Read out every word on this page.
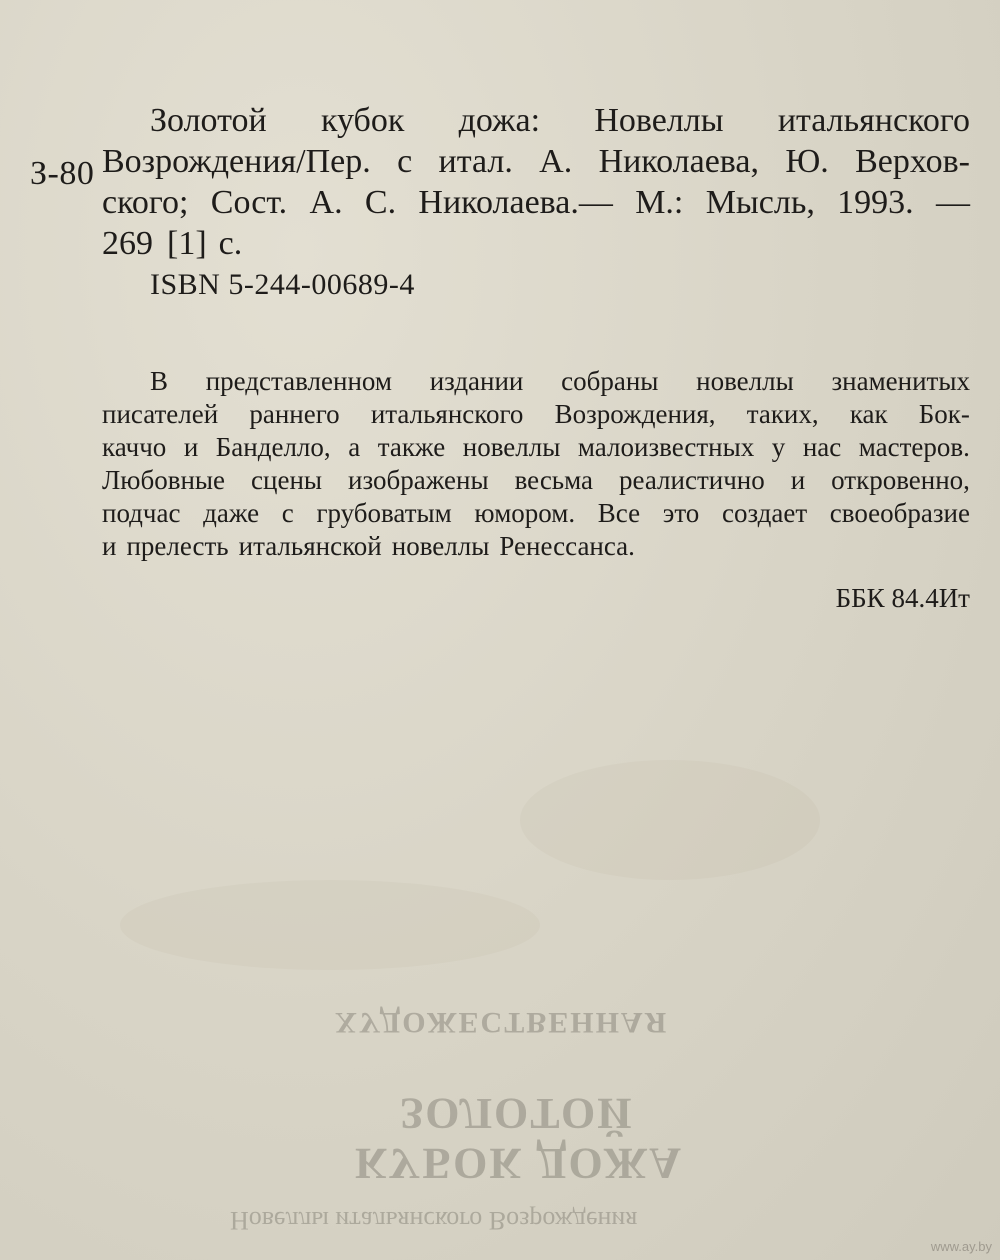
З-80
Золотой кубок дожа: Новеллы итальянского
Возрождения/Пер. с итал. А. Николаева, Ю. Верхов-
ского; Сост. А. С. Николаева.— М.: Мысль, 1993. —
269 [1] с.
ISBN 5-244-00689-4
В представленном издании собраны новеллы знаменитых
писателей раннего итальянского Возрождения, таких, как Бок-
каччо и Банделло, а также новеллы малоизвестных у нас мастеров.
Любовные сцены изображены весьма реалистично и откровенно,
подчас даже с грубоватым юмором. Все это создает своеобразие
и прелесть итальянской новеллы Ренессанса.
ББК 84.4Ит
ХУДОЖЕСТВЕННАЯ
ЗОЛОТОЙ
КУБОК ДОЖА
Новеллы итальянского Возрождения
www.ay.by
